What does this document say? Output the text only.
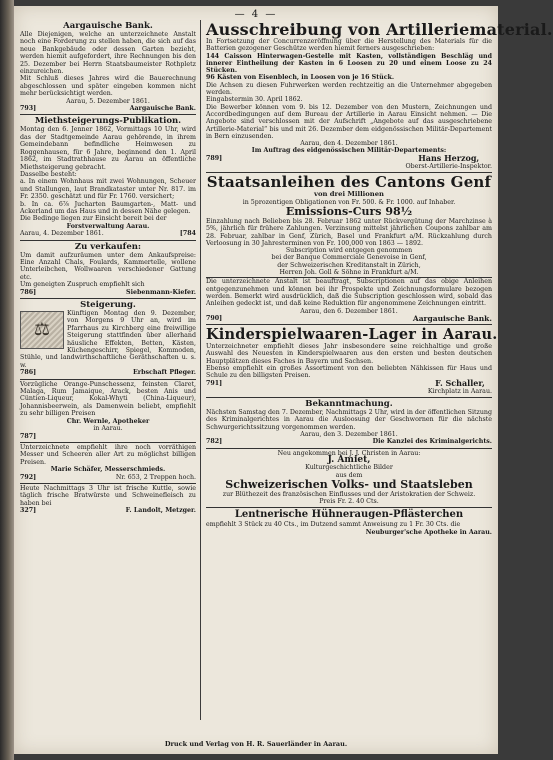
— 4 —
Aargauische Bank.

Alle Diejenigen, welche an unterzeichnete Anstalt noch eine Forderung zu stellen haben, die sich auf das neue Bankgebäude oder dessen Garten bezieht, werden hiemit aufgefordert, ihre Rechnungen bis den 25. Dezember bei Herrn Staatsbaumeister Rothpletz einzureichen.

Mit Schluß dieses Jahres wird die Bauerechnung abgeschlossen und später eingeben kommen nicht mehr berücksichtigt werden.

Aarau, 5. Dezember 1861.
793]	Aargauische Bank.
Miethsteigerungs-Publikation.

Montag den 6. Jenner 1862, Vormittags 10 Uhr, wird das der Stadtgemeinde Aarau gehörende, in ihrem Gemeindebann befindliche Heimwesen zu Roggenhausen, für 6 Jahre, beginnend den 1. April 1862, im Stadtrathhause zu Aarau an öffentliche Miethsteigerung gebracht.

Dasselbe besteht:

a. In einem Wohnhaus mit zwei Wohnungen, Scheuer und Stallungen, laut Brandkataster unter Nr. 817. im Fr. 2350. geschätzt und für Fr. 1760. versichert;

b. In ca. 6⅞ Jucharten Baumgarten-, Matt- und Ackerland um das Haus und in dessen Nähe gelegen.

Die Bedinge liegen zur Einsicht bereit bei der

Forstverwaltung Aarau.
Aarau, 4. Dezember 1861.	[784
Zu verkaufen:

Um damit aufzuräumen unter dem Ankaufspreise: Eine Anzahl Chals, Foulards, Kammertelle, wollene Unterleibchen, Wollwaaren verschiedener Gattung etc.

Um geneigten Zuspruch empfiehlt sich
786]	Siebenmann-Kiefer.
Steigerung.
⚖

Künftigen Montag den 9. Dezember, von Morgens 9 Uhr an, wird im Pfarrhaus zu Kirchberg eine freiwillige Steigerung stattfinden über allerhand häusliche Effekten, Betten, Kästen, Küchengeschirr, Spiegel, Kommoden, Stühle, und landwirthschaftliche Geräthschaften u. s. w.

786]	Erbschaft Pfleger.

Vorzügliche Orange-Punschessenz, feinsten Claret, Malaga, Rum Jamaique, Arack, besten Anis und Cüntien-Liqueur, Kokal-Whyti (China-Liqueur), Johannisbeerwein, als Damenwein beliebt, empfiehlt zu sehr billigen Preisen

Chr. Wernle, Apotheker
in Aarau.
787]

Unterzeichnete empfiehlt ihre noch vorräthigen Messer und Scheeren aller Art zu möglichst billigen Preisen.

Marie Schäfer, Messerschmieds.
792]	Nr. 653, 2 Treppen hoch.

Heute Nachmittags 3 Uhr ist frische Kuttle, sowie täglich frische Bratwürste und Schweinefleisch zu haben bei

327]	F. Landolt, Metzger.
Ausschreibung von Artilleriematerial.

In Fortsetzung der Concurrenzeröffnung über die Herstellung des Materials für die Batterien gezogener Geschütze werden hiemit ferners ausgeschrieben:

144 Caisson Hinterwagen-Gestelle mit Kasten, vollständigen Beschläg und innerer Eintheilung der Kasten in 6 Loosen zu 20 und einem Loose zu 24 Stücken.

96 Kästen von Eisenblech, in Loosen von je 16 Stück.

Die Achsen zu diesen Fuhrwerken werden rechtzeitig an die Unternehmer abgegeben werden.

Eingabstermin 30. April 1862.

Die Bewerber können vom 9. bis 12. Dezember von den Mustern, Zeichnungen und Accordbedingungen auf dem Bureau der Artillerie in Aarau Einsicht nehmen. — Die Angebote sind verschlossen mit der Aufschrift „Angebote auf das ausgeschriebene Artillerie-Material“ bis und mit 26. Dezember dem eidgenössischen Militär-Departement in Bern einzusenden.

Aarau, den 4. Dezember 1861.
Im Auftrag des eidgenössischen Militär-Departements:
789]	Hans Herzog,
Oberst-Artillerie-Inspektor.
Staatsanleihen des Cantons Genf
von drei Millionen
in 5prozentigen Obligationen von Fr. 500. & Fr. 1000. auf Inhaber.
Emissions-Curs 98½

Einzahlung nach Belieben bis 28. Februar 1862 unter Rückvergütung der Marchzinse à 5%, jährlich für frühere Zahlungen. Verzinsung mittelst jährlichen Coupons zahlbar am 28. Februar, zahlbar in Genf, Zürich, Basel und Frankfurt a/M. Rückzahlung durch Verloosung in 30 Jahresterminen von Fr. 100,000 von 1863 — 1892.

Subscription wird entgegen genommen
bei der Banque Commerciale Genevoise in Genf,
der Schweizerischen Kreditanstalt in Zürich,
Herren Joh. Goll & Söhne in Frankfurt a/M.

Die unterzeichnete Anstalt ist beauftragt, Subscriptionen auf das obige Anleihen entgegenzunehmen und können bei ihr Prospekte und Zeichnungsformulare bezogen werden. Bemerkt wird ausdrücklich, daß die Subscription geschlossen wird, sobald das Anleihen gedeckt ist, und daß keine Reduktion für angenommene Zeichnungen eintritt.

Aarau, den 6. Dezember 1861.
790]	Aargauische Bank.
Kinderspielwaaren-Lager in Aarau.

Unterzeichneter empfiehlt dieses Jahr insbesondere seine reichhaltige und große Auswahl des Neuesten in Kinderspielwaaren aus den ersten und besten deutschen Hauptplätzen dieses Faches in Bayern und Sachsen.

Ebenso empfiehlt ein großes Assortiment von den beliebten Nähkissen für Haus und Schule zu den billigsten Preisen.

791]	F. Schaller,
Kirchplatz in Aarau.
Bekanntmachung.

Nächsten Samstag den 7. Dezember, Nachmittags 2 Uhr, wird in der öffentlichen Sitzung des Kriminalgerichtes in Aarau die Ausloosung der Geschwornen für die nächste Schwurgerichtssitzung vorgenommen werden.

Aarau, den 3. Dezember 1861.
782]	Die Kanzlei des Kriminalgerichts.
Neu angekommen bei J. J. Christen in Aarau:
J. Amiet,
Kulturgeschichtliche Bilder
aus dem
Schweizerischen Volks- und Staatsleben
zur Blüthezeit des französischen Einflusses und der Aristokratien der Schweiz.
Preis Fr. 2. 40 Cts.
Lentnerische Hühneraugen-Pflästerchen

empfiehlt 3 Stück zu 40 Cts., im Dutzend sammt Anweisung zu 1 Fr. 30 Cts. die

Neuburger'sche Apotheke in Aarau.
Druck und Verlag von H. R. Sauerländer in Aarau.
